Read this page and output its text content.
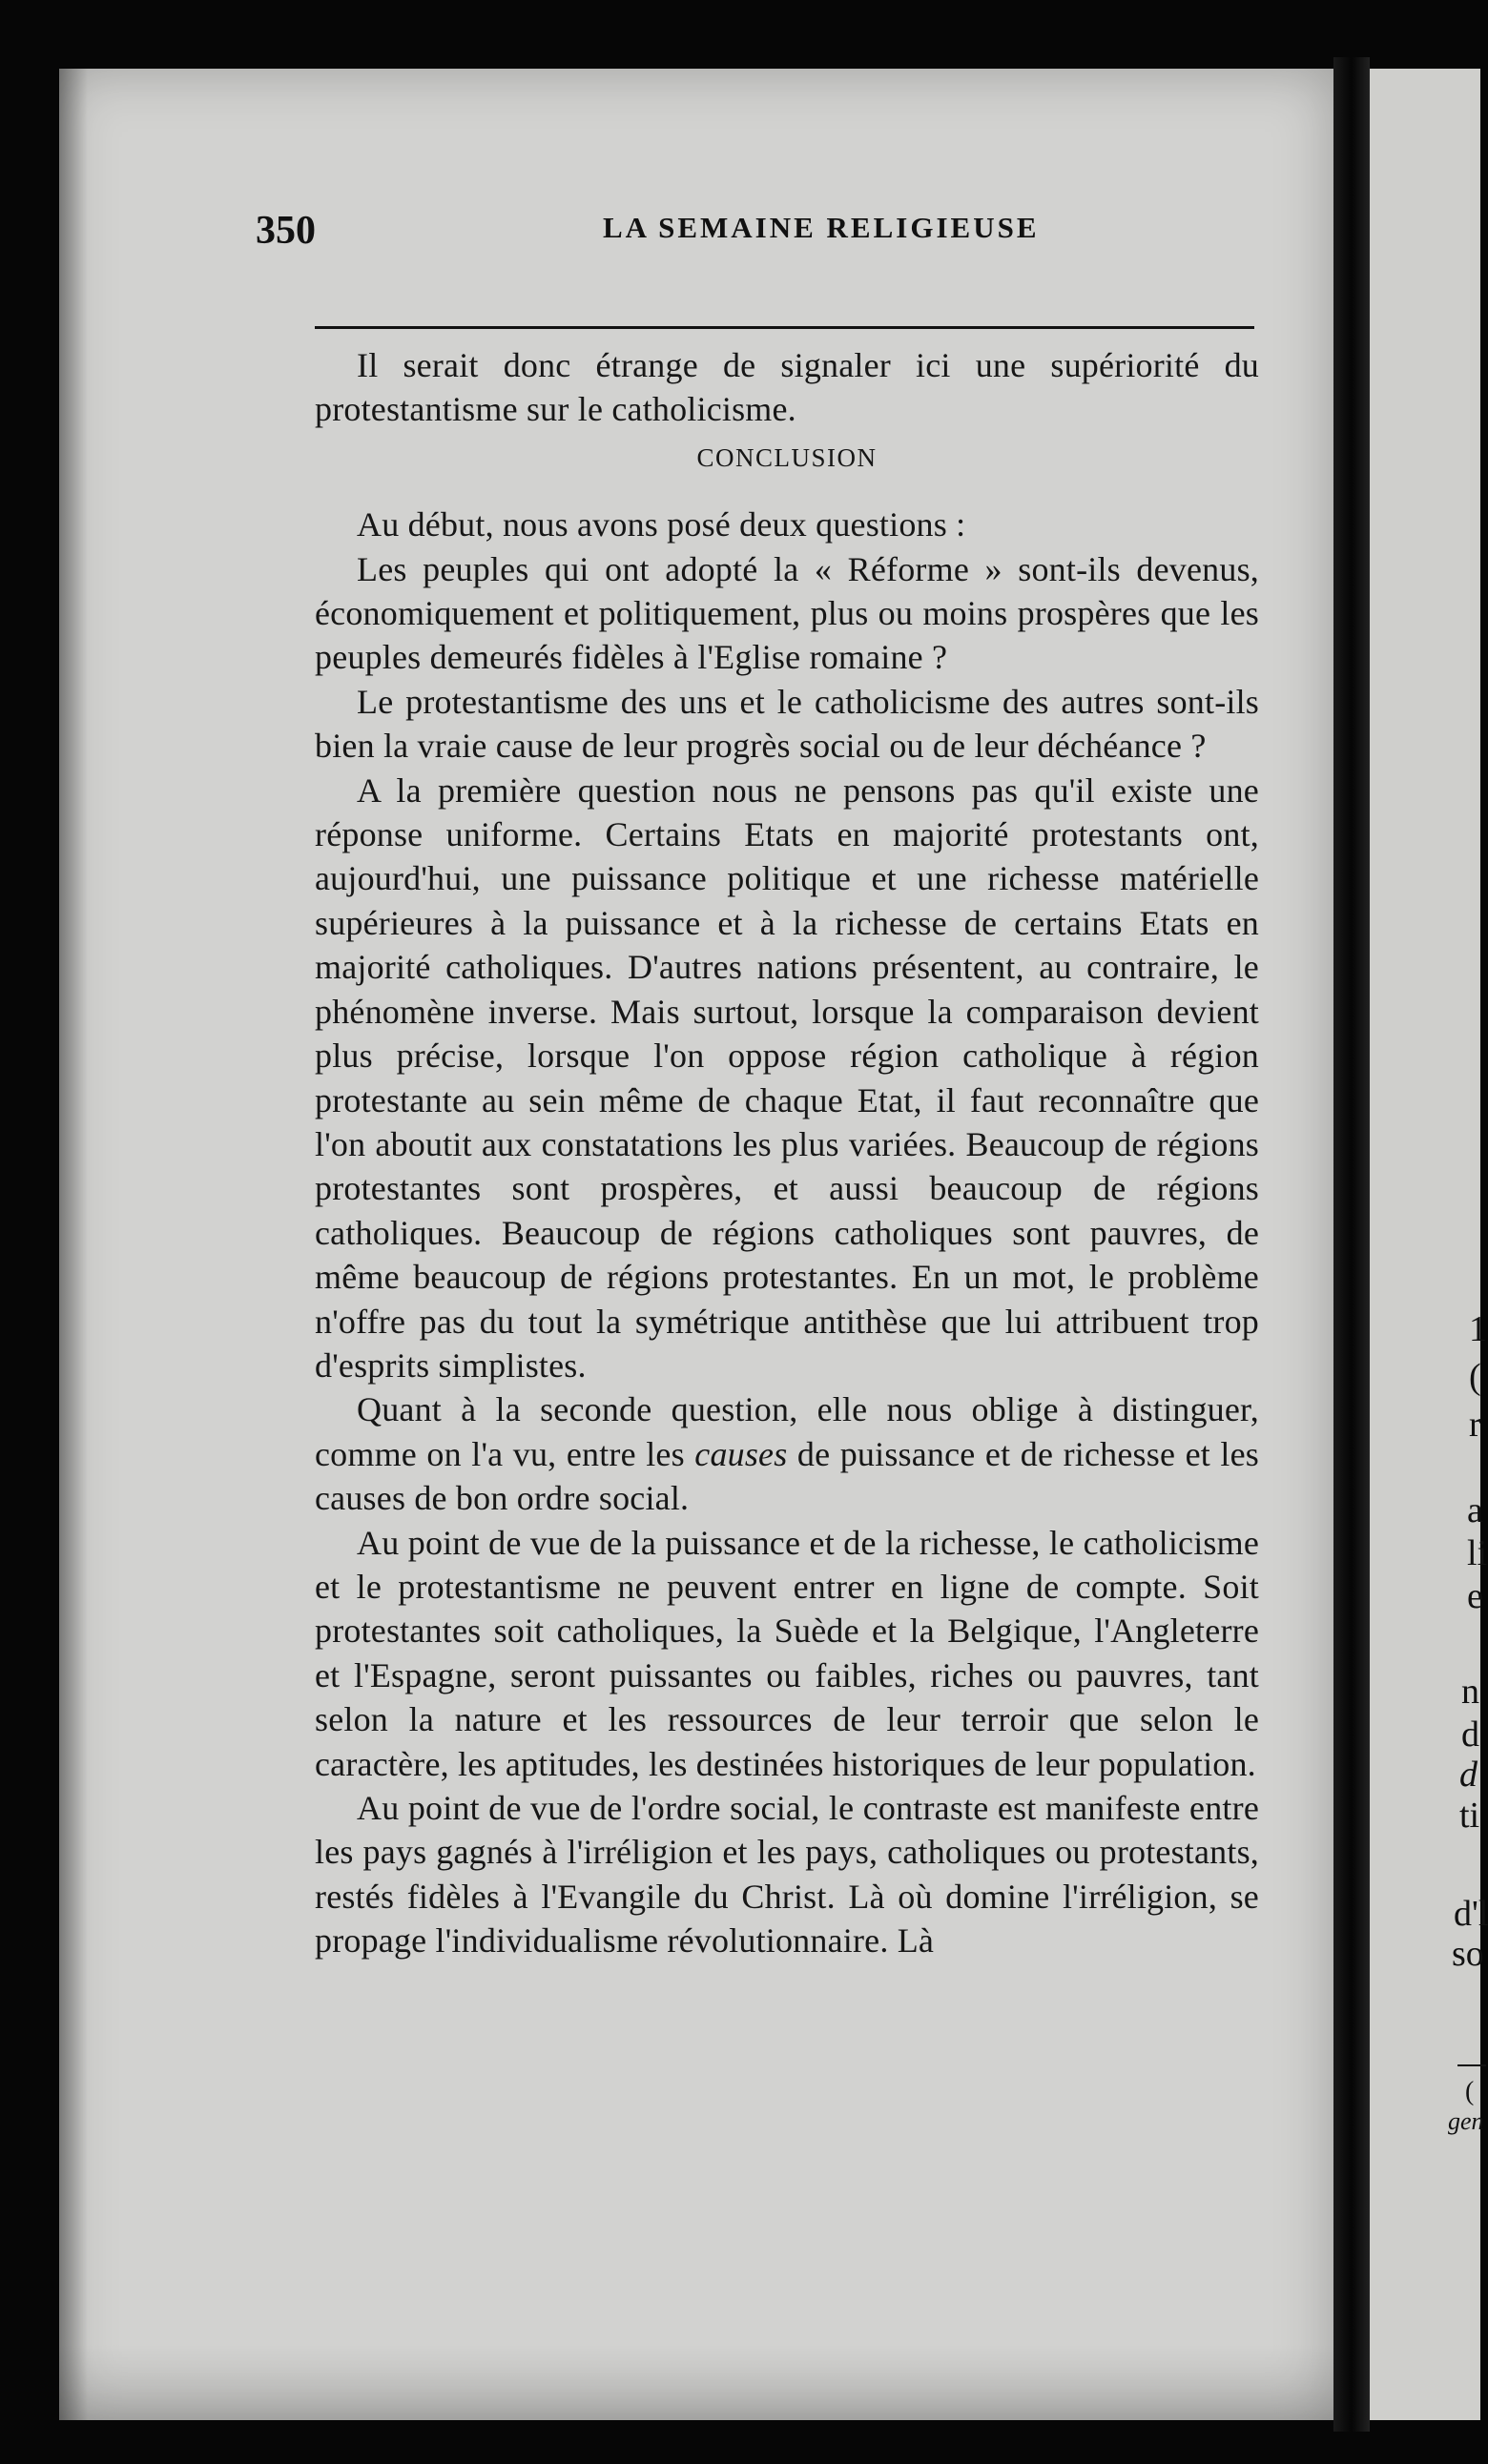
350	LA SEMAINE RELIGIEUSE

Il serait donc étrange de signaler ici une supériorité du protestantisme sur le catholicisme.

CONCLUSION

Au début, nous avons posé deux questions :

Les peuples qui ont adopté la « Réforme » sont-ils devenus, économiquement et politiquement, plus ou moins prospères que les peuples demeurés fidèles à l'Eglise romaine ?

Le protestantisme des uns et le catholicisme des autres sont-ils bien la vraie cause de leur progrès social ou de leur déchéance ?

A la première question nous ne pensons pas qu'il existe une réponse uniforme. Certains Etats en majorité protestants ont, aujourd'hui, une puissance politique et une richesse matérielle supérieures à la puissance et à la richesse de certains Etats en majorité catholiques. D'autres nations présentent, au contraire, le phénomène inverse. Mais surtout, lorsque la comparaison devient plus précise, lorsque l'on oppose région catholique à région protestante au sein même de chaque Etat, il faut reconnaître que l'on aboutit aux constatations les plus variées. Beaucoup de régions protestantes sont prospères, et aussi beaucoup de régions catholiques. Beaucoup de régions catholiques sont pauvres, de même beaucoup de régions protestantes. En un mot, le problème n'offre pas du tout la symétrique antithèse que lui attribuent trop d'esprits simplistes.

Quant à la seconde question, elle nous oblige à distinguer, comme on l'a vu, entre les causes de puissance et de richesse et les causes de bon ordre social.

Au point de vue de la puissance et de la richesse, le catholicisme et le protestantisme ne peuvent entrer en ligne de compte. Soit protestantes soit catholiques, la Suède et la Belgique, l'Angleterre et l'Espagne, seront puissantes ou faibles, riches ou pauvres, tant selon la nature et les ressources de leur terroir que selon le caractère, les aptitudes, les destinées historiques de leur population.

Au point de vue de l'ordre social, le contraste est manifeste entre les pays gagnés à l'irréligion et les pays, catholiques ou protestants, restés fidèles à l'Evangile du Christ. Là où domine l'irréligion, se propage l'individualisme révolutionnaire. Là

1
(
r
a
li
e
n
d
d
ti
d'l
so
(
gen
